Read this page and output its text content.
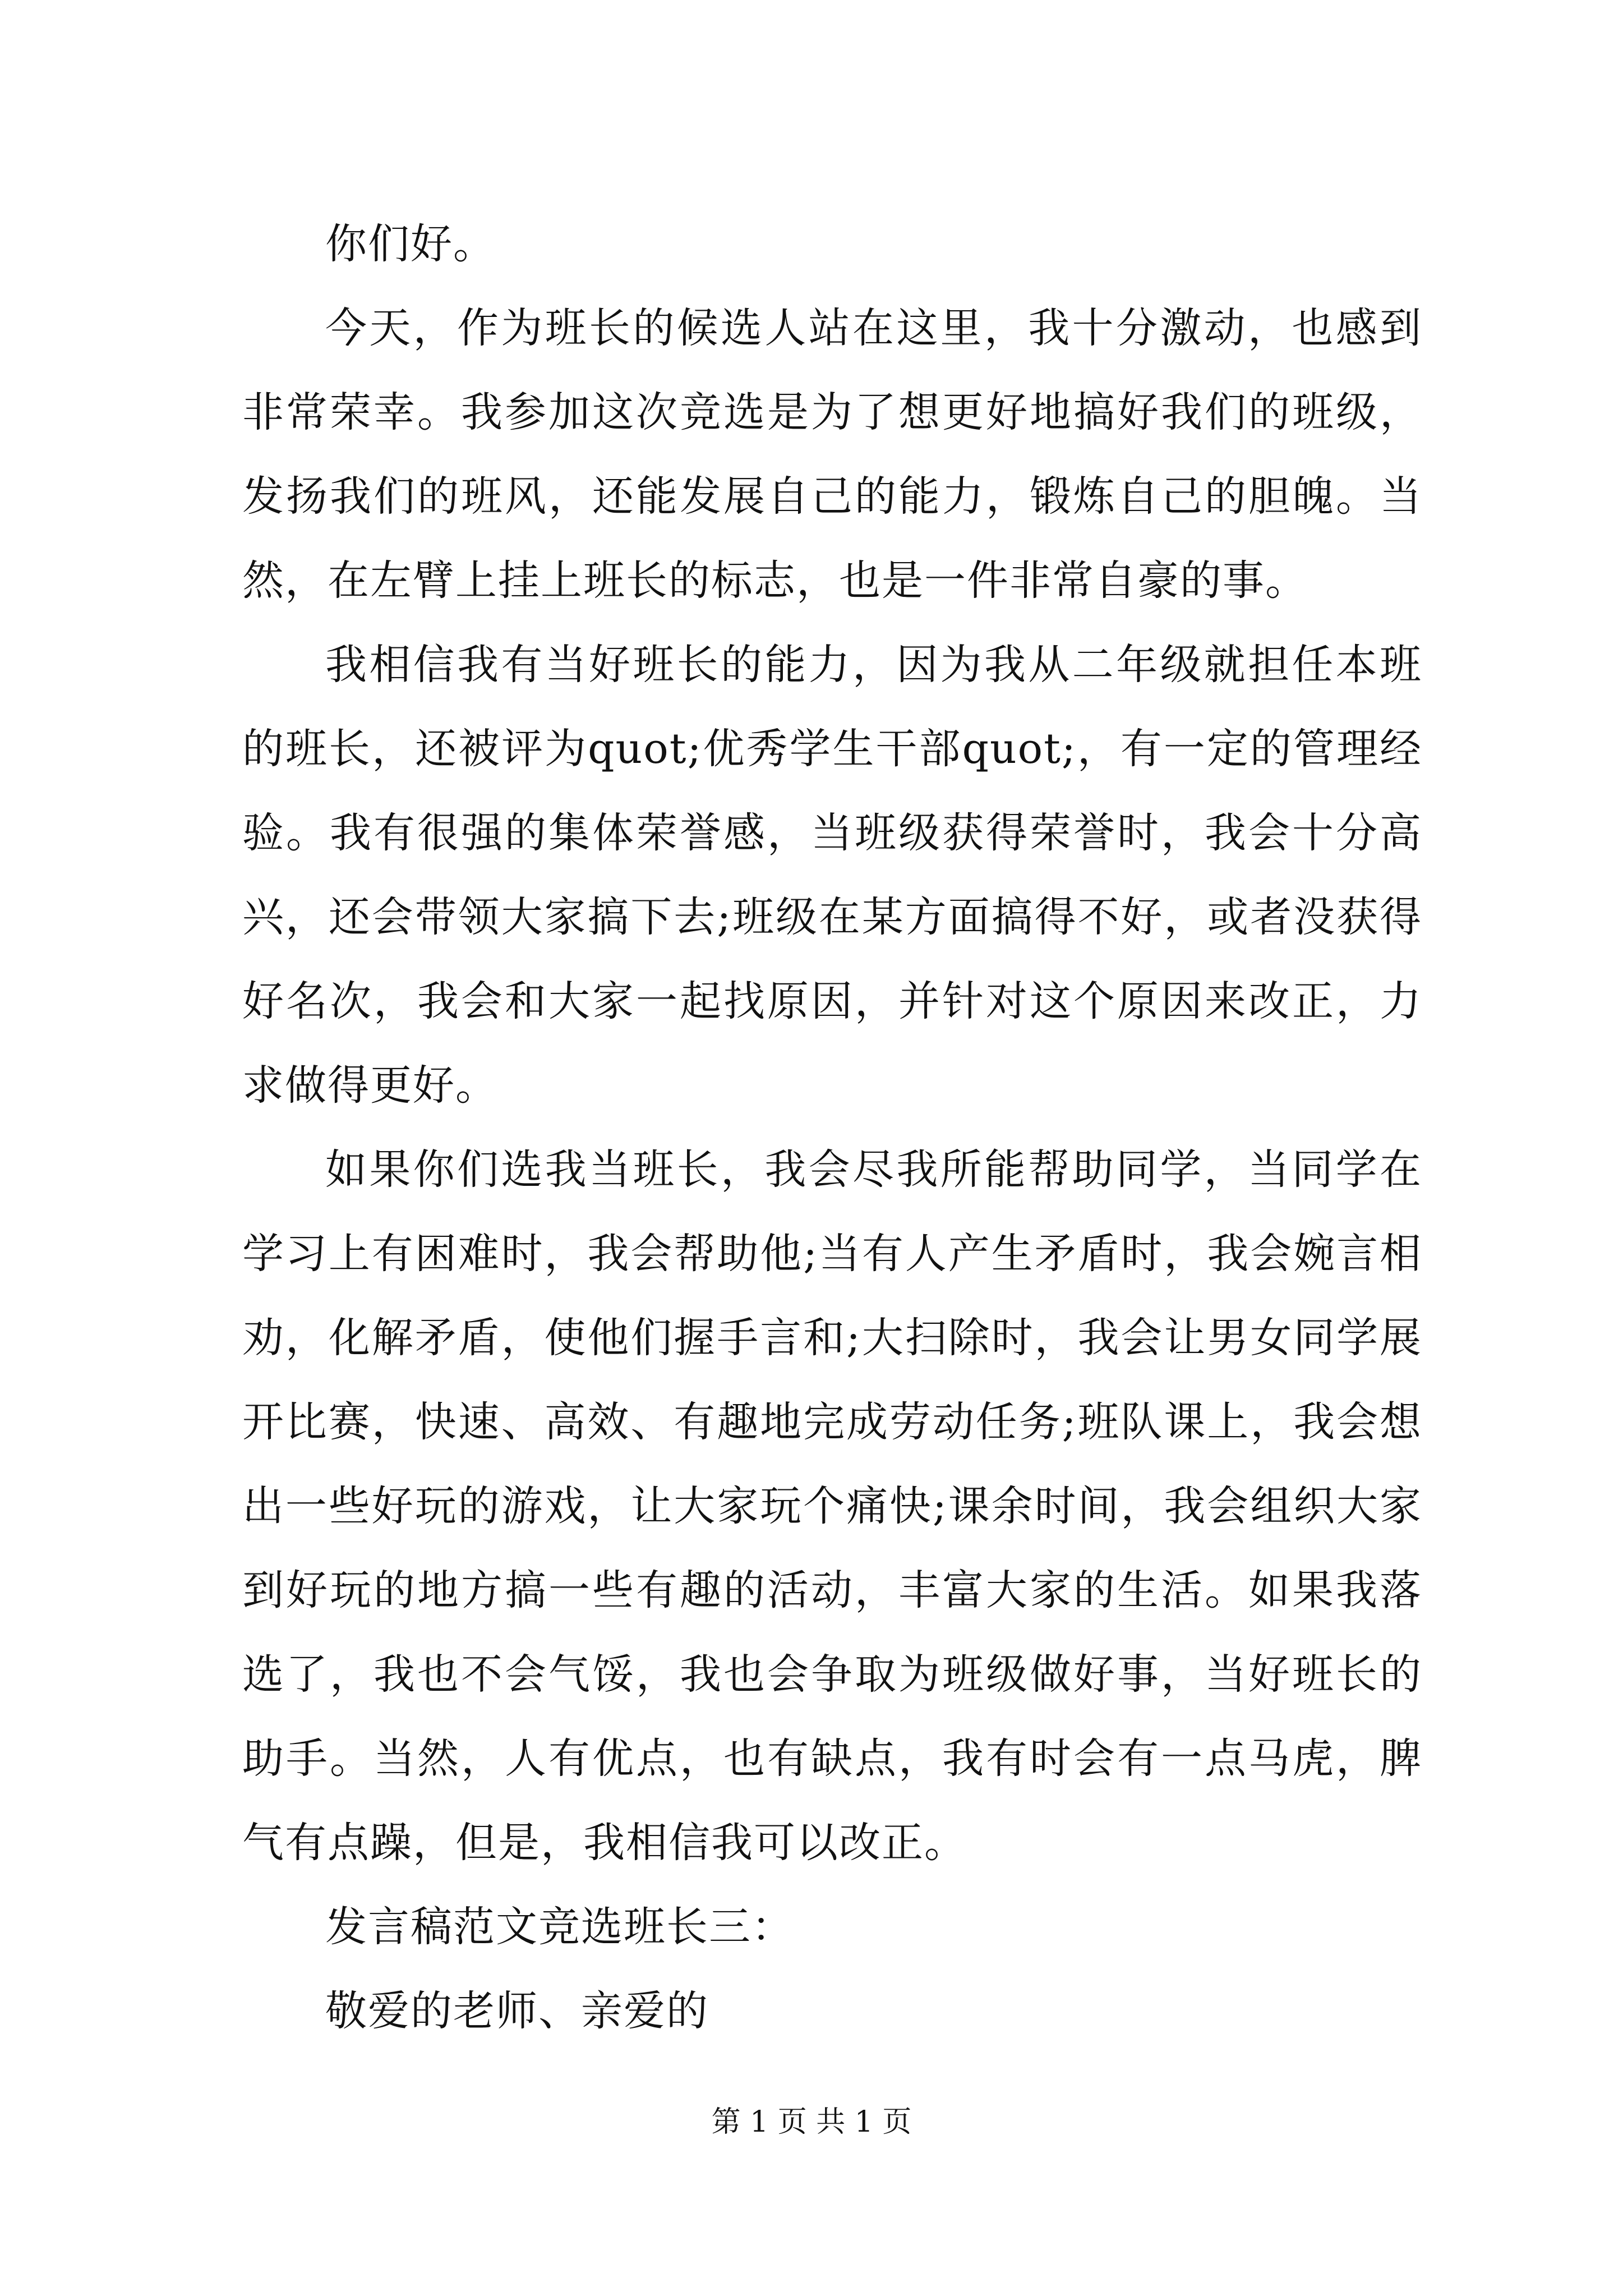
你们好。

今天，作为班长的候选人站在这里，我十分激动，也感到非常荣幸。我参加这次竞选是为了想更好地搞好我们的班级，发扬我们的班风，还能发展自己的能力，锻炼自己的胆魄。当然，在左臂上挂上班长的标志，也是一件非常自豪的事。

我相信我有当好班长的能力，因为我从二年级就担任本班的班长，还被评为quot;优秀学生干部quot;，有一定的管理经验。我有很强的集体荣誉感，当班级获得荣誉时，我会十分高兴，还会带领大家搞下去;班级在某方面搞得不好，或者没获得好名次，我会和大家一起找原因，并针对这个原因来改正，力求做得更好。

如果你们选我当班长，我会尽我所能帮助同学，当同学在学习上有困难时，我会帮助他;当有人产生矛盾时，我会婉言相劝，化解矛盾，使他们握手言和;大扫除时，我会让男女同学展开比赛，快速、高效、有趣地完成劳动任务;班队课上，我会想出一些好玩的游戏，让大家玩个痛快;课余时间，我会组织大家到好玩的地方搞一些有趣的活动，丰富大家的生活。如果我落选了，我也不会气馁，我也会争取为班级做好事，当好班长的助手。当然，人有优点，也有缺点，我有时会有一点马虎，脾气有点躁，但是，我相信我可以改正。

发言稿范文竞选班长三：

敬爱的老师、亲爱的

第 1 页 共 1 页
